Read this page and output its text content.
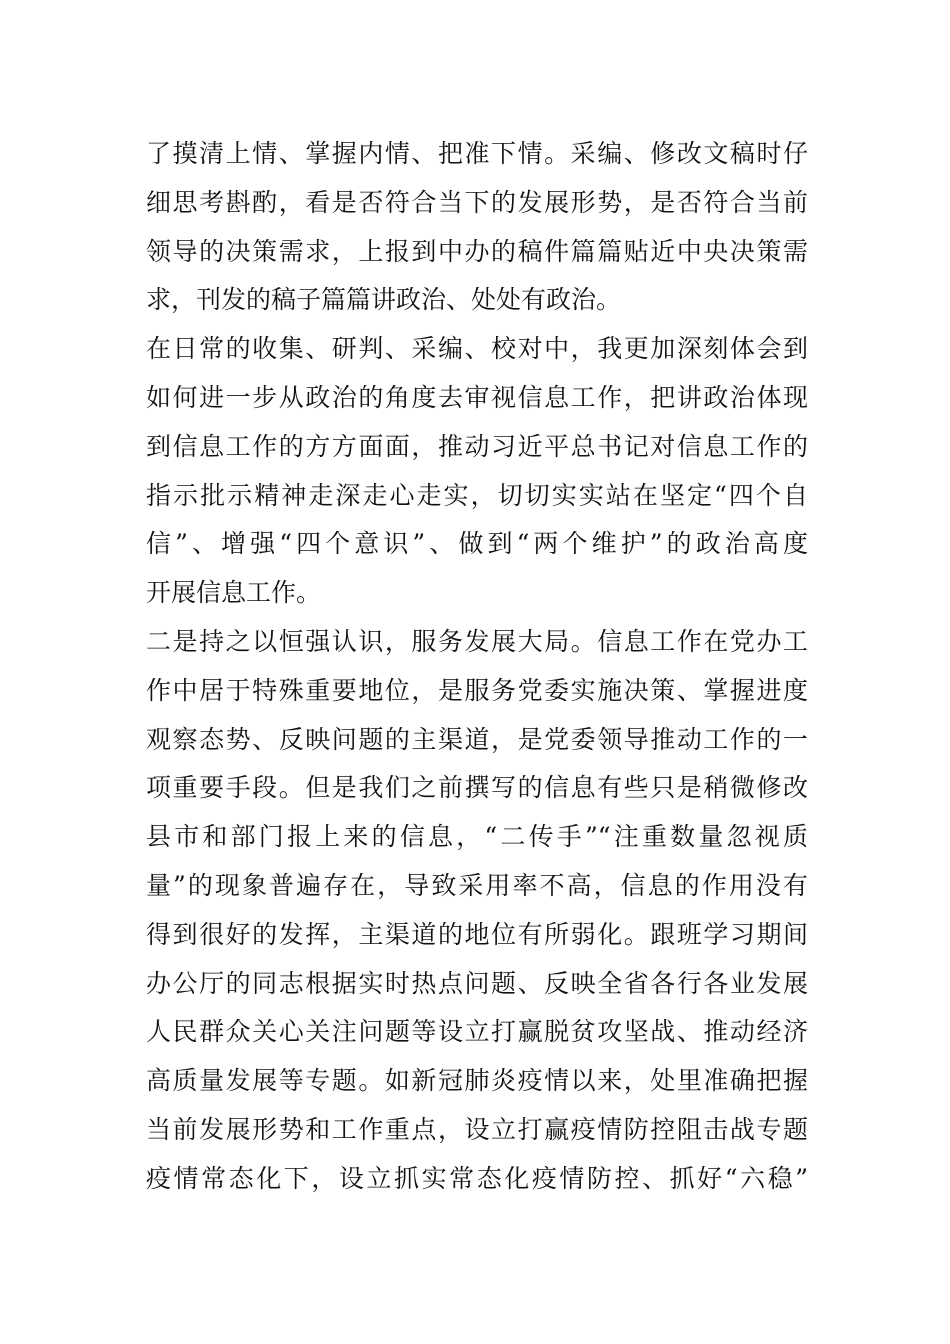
了摸清上情、掌握内情、把准下情。采编、修改文稿时仔
细思考斟酌，看是否符合当下的发展形势，是否符合当前
领导的决策需求，上报到中办的稿件篇篇贴近中央决策需
求，刊发的稿子篇篇讲政治、处处有政治。
在日常的收集、研判、采编、校对中，我更加深刻体会到
如何进一步从政治的角度去审视信息工作，把讲政治体现
到信息工作的方方面面，推动习近平总书记对信息工作的
指示批示精神走深走心走实，切切实实站在坚定“四个自
信”、增强“四个意识”、做到“两个维护”的政治高度
开展信息工作。
二是持之以恒强认识，服务发展大局。信息工作在党办工
作中居于特殊重要地位，是服务党委实施决策、掌握进度
观察态势、反映问题的主渠道，是党委领导推动工作的一
项重要手段。但是我们之前撰写的信息有些只是稍微修改
县市和部门报上来的信息，“二传手”“注重数量忽视质
量”的现象普遍存在，导致采用率不高，信息的作用没有
得到很好的发挥，主渠道的地位有所弱化。跟班学习期间
办公厅的同志根据实时热点问题、反映全省各行各业发展
人民群众关心关注问题等设立打赢脱贫攻坚战、推动经济
高质量发展等专题。如新冠肺炎疫情以来，处里准确把握
当前发展形势和工作重点，设立打赢疫情防控阻击战专题
疫情常态化下，设立抓实常态化疫情防控、抓好“六稳”
